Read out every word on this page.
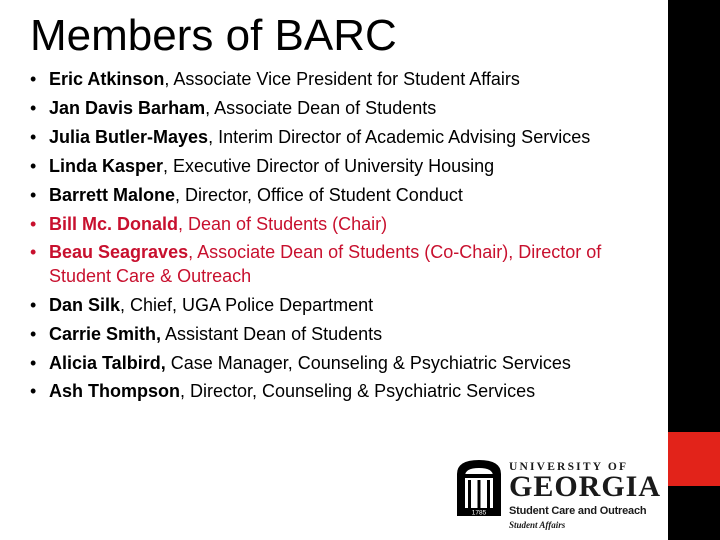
Members of BARC
• Eric Atkinson, Associate Vice President for Student Affairs
• Jan Davis Barham, Associate Dean of Students
• Julia Butler-Mayes, Interim Director of Academic Advising Services
• Linda Kasper, Executive Director of University Housing
• Barrett Malone, Director, Office of Student Conduct
• Bill Mc. Donald, Dean of Students (Chair)
• Beau Seagraves, Associate Dean of Students (Co-Chair), Director of Student Care & Outreach
• Dan Silk, Chief, UGA Police Department
• Carrie Smith, Assistant Dean of Students
• Alicia Talbird, Case Manager, Counseling & Psychiatric Services
• Ash Thompson, Director, Counseling & Psychiatric Services
1785
UNIVERSITY OF
GEORGIA
Student Care and Outreach
Student Affairs
